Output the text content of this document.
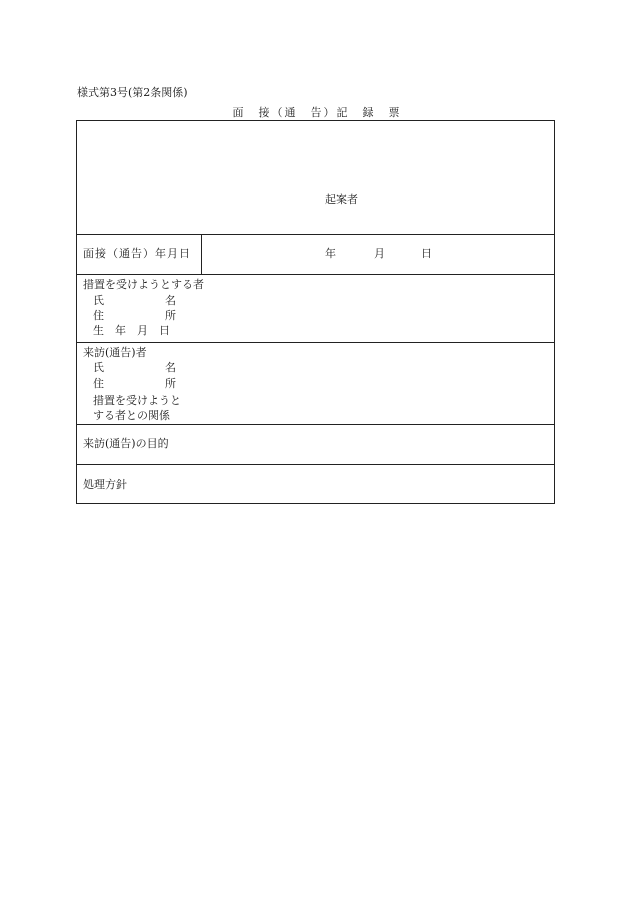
様式第3号(第2条関係)
面　接（通　告）記　録　票
起案者
面接（通告）年月日	年	月	日
措置を受けようとする者
氏	名
住	所
生　年　月　日
来訪(通告)者
氏	名
住	所
措置を受けようと
する者との関係
来訪(通告)の目的
処理方針
